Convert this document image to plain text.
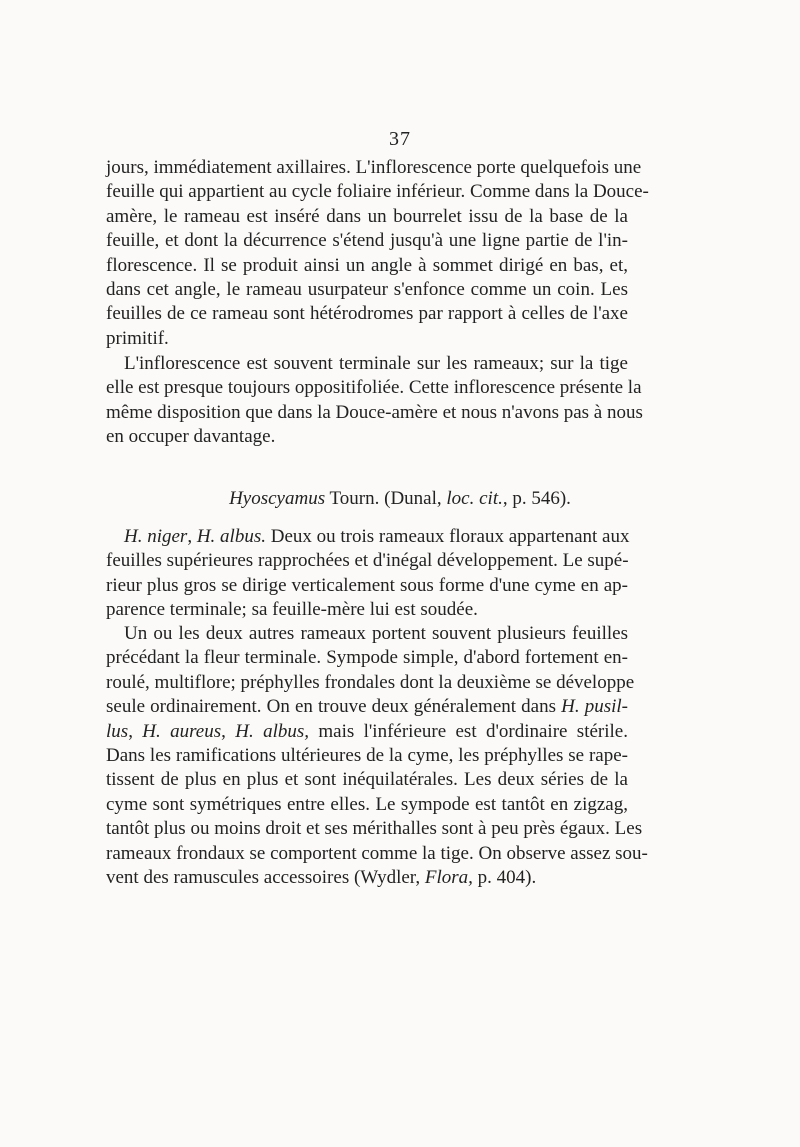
37
jours, immédiatement axillaires. L'inflorescence porte quelquefois une
feuille qui appartient au cycle foliaire inférieur. Comme dans la Douce-
amère, le rameau est inséré dans un bourrelet issu de la base de la
feuille, et dont la décurrence s'étend jusqu'à une ligne partie de l'in-
florescence. Il se produit ainsi un angle à sommet dirigé en bas, et,
dans cet angle, le rameau usurpateur s'enfonce comme un coin. Les
feuilles de ce rameau sont hétérodromes par rapport à celles de l'axe
primitif.
L'inflorescence est souvent terminale sur les rameaux; sur la tige
elle est presque toujours oppositifoliée. Cette inflorescence présente la
même disposition que dans la Douce-amère et nous n'avons pas à nous
en occuper davantage.
Hyoscyamus Tourn. (Dunal, loc. cit., p. 546).
H. niger, H. albus. Deux ou trois rameaux floraux appartenant aux
feuilles supérieures rapprochées et d'inégal développement. Le supé-
rieur plus gros se dirige verticalement sous forme d'une cyme en ap-
parence terminale; sa feuille-mère lui est soudée.
Un ou les deux autres rameaux portent souvent plusieurs feuilles
précédant la fleur terminale. Sympode simple, d'abord fortement en-
roulé, multiflore; préphylles frondales dont la deuxième se développe
seule ordinairement. On en trouve deux généralement dans H. pusil-
lus, H. aureus, H. albus, mais l'inférieure est d'ordinaire stérile.
Dans les ramifications ultérieures de la cyme, les préphylles se rape-
tissent de plus en plus et sont inéquilatérales. Les deux séries de la
cyme sont symétriques entre elles. Le sympode est tantôt en zigzag,
tantôt plus ou moins droit et ses mérithalles sont à peu près égaux. Les
rameaux frondaux se comportent comme la tige. On observe assez sou-
vent des ramuscules accessoires (Wydler, Flora, p. 404).
